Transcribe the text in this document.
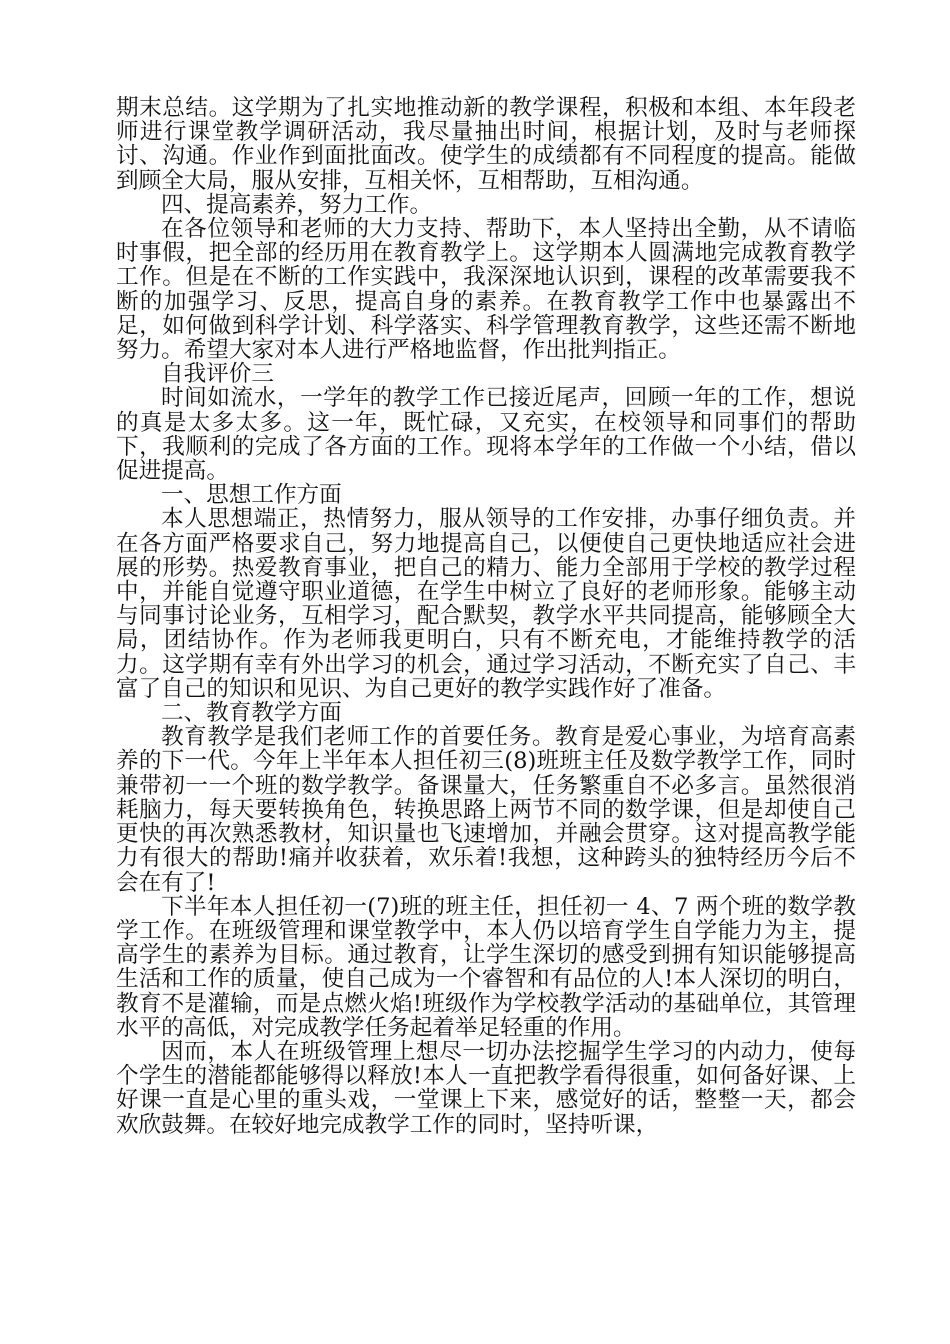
期末总结。这学期为了扎实地推动新的教学课程，积极和本组、本年段老师进行课堂教学调研活动，我尽量抽出时间，根据计划，及时与老师探讨、沟通。作业作到面批面改。使学生的成绩都有不同程度的提高。能做到顾全大局，服从安排，互相关怀，互相帮助，互相沟通。

四、提高素养，努力工作。

在各位领导和老师的大力支持、帮助下，本人坚持出全勤，从不请临时事假，把全部的经历用在教育教学上。这学期本人圆满地完成教育教学工作。但是在不断的工作实践中，我深深地认识到，课程的改革需要我不断的加强学习、反思，提高自身的素养。在教育教学工作中也暴露出不足，如何做到科学计划、科学落实、科学管理教育教学，这些还需不断地努力。希望大家对本人进行严格地监督，作出批判指正。

自我评价三

时间如流水，一学年的教学工作已接近尾声，回顾一年的工作，想说的真是太多太多。这一年，既忙碌，又充实，在校领导和同事们的帮助下，我顺利的完成了各方面的工作。现将本学年的工作做一个小结，借以促进提高。

一、思想工作方面

本人思想端正，热情努力，服从领导的工作安排，办事仔细负责。并在各方面严格要求自己，努力地提高自己，以便使自己更快地适应社会进展的形势。热爱教育事业，把自己的精力、能力全部用于学校的教学过程中，并能自觉遵守职业道德，在学生中树立了良好的老师形象。能够主动与同事讨论业务，互相学习，配合默契，教学水平共同提高，能够顾全大局，团结协作。作为老师我更明白，只有不断充电，才能维持教学的活力。这学期有幸有外出学习的机会，通过学习活动，不断充实了自己、丰富了自己的知识和见识、为自己更好的教学实践作好了准备。

二、教育教学方面

教育教学是我们老师工作的首要任务。教育是爱心事业，为培育高素养的下一代。今年上半年本人担任初三(8)班班主任及数学教学工作，同时兼带初一一个班的数学教学。备课量大，任务繁重自不必多言。虽然很消耗脑力，每天要转换角色，转换思路上两节不同的数学课，但是却使自己更快的再次熟悉教材，知识量也飞速增加，并融会贯穿。这对提高教学能力有很大的帮助!痛并收获着，欢乐着!我想，这种跨头的独特经历今后不会在有了!

下半年本人担任初一(7)班的班主任，担任初一 4、7 两个班的数学教学工作。在班级管理和课堂教学中，本人仍以培育学生自学能力为主，提高学生的素养为目标。通过教育，让学生深切的感受到拥有知识能够提高生活和工作的质量，使自己成为一个睿智和有品位的人!本人深切的明白，教育不是灌输，而是点燃火焰!班级作为学校教学活动的基础单位，其管理水平的高低，对完成教学任务起着举足轻重的作用。

因而，本人在班级管理上想尽一切办法挖掘学生学习的内动力，使每个学生的潜能都能够得以释放!本人一直把教学看得很重，如何备好课、上好课一直是心里的重头戏，一堂课上下来，感觉好的话，整整一天，都会欢欣鼓舞。在较好地完成教学工作的同时，坚持听课，
